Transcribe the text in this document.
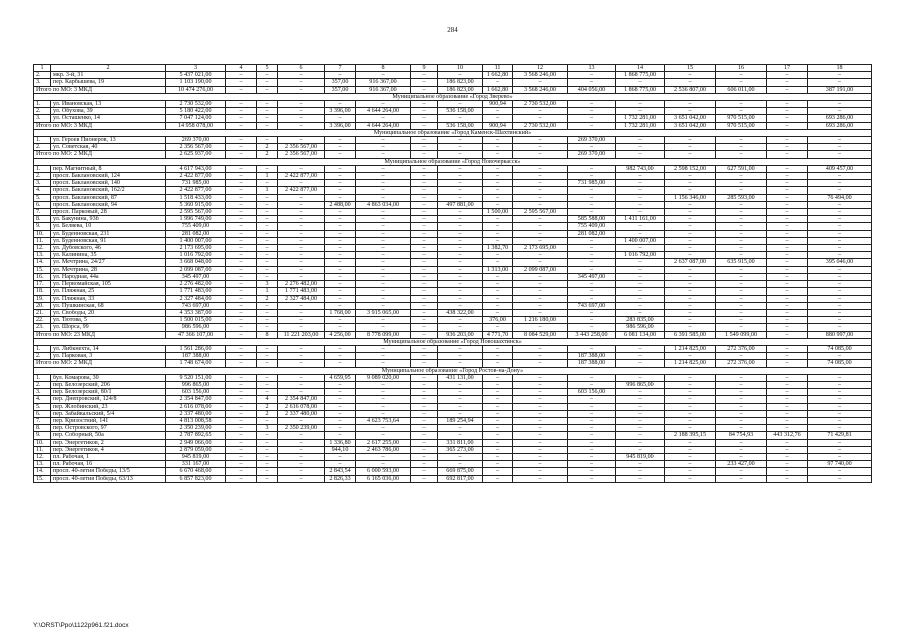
284
1	2	3	4	5	6	7	8	9	10	11	12	13	14	15	16	17	18
2.	мкр. 3-й, 31	5 437 021,00	–	–	–	–	–	–	–	1 662,80	3 568 246,00	–	1 868 775,00	–	–	–	–
3.	пер. Карбышева, 19	1 103 190,00	–	–	–	357,00	916 367,00	–	186 823,00	–	–	–	–	–	–	–	–
Итого по МО: 3 МКД		10 474 276,00	–	–	–	357,00	916 367,00	–	186 823,00	1 662,80	3 568 246,00	404 056,00	1 868 775,00	2 536 807,00	606 011,00	–	387 191,00
Муниципальное образование «Город Зверево»																	
1.	ул. Ивановская, 13	2 730 532,00	–	–	–	–	–	–	–	900,94	2 730 532,00	–	–	–	–	–	–
2.	ул. Обухова, 39	5 180 422,00	–	–	–	3 396,00	4 644 264,00	–	536 158,00	–	–	–	–	–	–	–	–
3.	ул. Осташенко, 14	7 047 124,00	–	–	–	–	–	–	–	–	–	–	1 732 281,00	3 651 042,00	970 515,00	–	693 286,00
Итого по МО: 3 МКД		14 958 078,00	–	–	–	3 396,00	4 644 264,00	–	536 158,00	900,94	2 730 532,00	–	1 732 281,00	3 651 042,00	970 515,00	–	693 286,00
Муниципальное образование «Город Каменск-Шахтинский»																	
1.	ул. Героев Пионеров, 13	269 370,00	–	–	–	–	–	–	–	–	–	269 370,00	–	–	–	–	–
2.	ул. Советская, 40	2 356 567,00	–	2	2 356 567,00	–	–	–	–	–	–	–	–	–	–	–	–
Итого по МО: 2 МКД		2 625 937,00	–	2	2 356 567,00	–	–	–	–	–	–	269 370,00	–	–	–	–	–
Муниципальное образование «Город Новочеркасск»																	
1.	пер. Магнитный, 8	4 617 943,00	–	–	–	–	–	–	–	–	–	–	982 743,00	2 598 152,00	627 591,00	–	409 457,00
2.	просп. Баклановский, 124	2 422 877,00	–	1	2 422 877,00	–	–	–	–	–	–	–	–	–	–	–	–
3.	просп. Баклановский, 140	731 985,00	–	–	–	–	–	–	–	–	–	731 985,00	–	–	–	–	–
4.	просп. Баклановский, 162/2	2 422 877,00	–	1	2 422 877,00	–	–	–	–	–	–	–	–	–	–	–	–
5.	просп. Баклановский, 87	1 518 433,00	–	–	–	–	–	–	–	–	–	–	–	1 156 346,00	285 593,00	–	76 494,00
6.	просп. Баклановский, 94	5 360 915,00	–	–	–	2 488,00	4 863 034,00	–	497 881,00	–	–	–	–	–	–	–	–
7.	просп. Парковый, 28	2 595 567,00	–	–	–	–	–	–	–	1 500,00	2 595 567,00	–	–	–	–	–	–
8.	ул. Бакунина, 93б	1 996 749,00	–	–	–	–	–	–	–	–	–	585 588,00	1 411 161,00	–	–	–	–
9.	ул. Беляева, 10	755 409,00	–	–	–	–	–	–	–	–	–	755 409,00	–	–	–	–	–
10.	ул. Буденновская, 231	281 082,00	–	–	–	–	–	–	–	–	–	281 082,00	–	–	–	–	–
11.	ул. Буденновская, 91	1 400 007,00	–	–	–	–	–	–	–	–	–	–	1 400 007,00	–	–	–	–
12.	ул. Дубовского, 46	2 173 695,00	–	–	–	–	–	–	–	1 382,70	2 173 695,00	–	–	–	–	–	–
13.	ул. Калинина, 35	1 016 792,00	–	–	–	–	–	–	–	–	–	–	1 016 792,00	–	–	–	–
14.	ул. Мечтрина, 24/27	3 668 048,00	–	–	–	–	–	–	–	–	–	–	–	2 637 087,00	635 915,00	–	395 046,00
15.	ул. Мечтрина, 28	2 099 087,00	–	–	–	–	–	–	–	1 313,00	2 099 087,00	–	–	–	–	–	–
16.	ул. Народная, 44а	345 497,00	–	–	–	–	–	–	–	–	–	345 497,00	–	–	–	–	–
17.	ул. Первомайская, 105	2 276 482,00	–	3	2 276 482,00	–	–	–	–	–	–	–	–	–	–	–	–
18.	ул. Пляжная, 25	1 771 483,00	–	1	1 771 483,00	–	–	–	–	–	–	–	–	–	–	–	–
19.	ул. Пляжная, 33	2 327 484,00	–	2	2 327 484,00	–	–	–	–	–	–	–	–	–	–	–	–
20.	ул. Пушкинская, 68	743 697,00	–	–	–	–	–	–	–	–	–	743 697,00	–	–	–	–	–
21.	ул. Свободы, 20	4 353 387,00	–	–	–	1 768,00	3 915 065,00	–	438 322,00	–	–	–	–	–	–	–	–
22.	ул. Тютова, 5	1 500 015,00	–	–	–	–	–	–	–	376,00	1 216 180,00	–	283 835,00	–	–	–	–
23.	ул. Шорса, 99	986 596,00	–	–	–	–	–	–	–	–	–	–	986 596,00	–	–	–	–
Итого по МО: 23 МКД		47 366 107,00	–	8	11 221 203,00	4 256,00	8 778 099,00	–	936 203,00	4 771,70	8 084 529,00	3 443 258,00	6 081 134,00	6 391 585,00	1 549 099,00	–	880 997,00
Муниципальное образование «Город Новошахтинск»																	
1.	ул. Либкнехта, 14	1 561 286,00	–	–	–	–	–	–	–	–	–	–	–	1 214 825,00	272 376,00	–	74 085,00
2.	ул. Парковая, 3	187 388,00	–	–	–	–	–	–	–	–	–	187 388,00	–	–	–	–	–
Итого по МО: 2 МКД		1 748 674,00	–	–	–	–	–	–	–	–	–	187 388,00	–	1 214 825,00	272 376,00	–	74 085,00
Муниципальное образование «Город Ростов-на-Дону»																	
1.	бул. Комарова, 30	9 520 151,00	–	–	–	4 659,95	9 089 020,00	–	431 131,00	–	–	–	–	–	–	–	–
2.	пер. Белозерский, 206	996 865,00	–	–	–	–	–	–	–	–	–	–	996 865,00	–	–	–	–
3.	пер. Белозерский, 80/1	603 156,00	–	–	–	–	–	–	–	–	–	603 156,00	–	–	–	–	–
4.	пер. Днепровский, 124/8	2 354 847,00	–	4	2 354 847,00	–	–	–	–	–	–	–	–	–	–	–	–
5.	пер. Жлобинский, 23	2 616 078,00	–	2	2 616 078,00	–	–	–	–	–	–	–	–	–	–	–	–
6.	пер. Забайкальский, 5/4	2 337 480,00	–	2	2 337 480,00	–	–	–	–	–	–	–	–	–	–	–	–
7.	пер. Кризостний, 141	4 813 008,58	–	–	–	–	4 623 753,64	–	189 254,94	–	–	–	–	–	–	–	–
8.	пер. Островского, 97	2 350 239,00	–	3	2 350 239,00	–	–	–	–	–	–	–	–	–	–	–	–
9.	пер. Соборный, 50а	2 787 892,65	–	–	–	–	–	–	–	–	–	–	–	2 188 395,15	84 754,93	443 312,76	71 429,81
10.	пер. Энергетиков, 2	2 949 066,00	–	–	–	1 336,80	2 617 255,00	–	331 811,00	–	–	–	–	–	–	–	–
11.	пер. Энергетиков, 4	2 879 059,00	–	–	–	944,10	2 463 786,00	–	365 273,00	–	–	–	–	–	–	–	–
12.	пл. Рабочая, 1	945 819,00	–	–	–	–	–	–	–	–	–	–	945 819,00	–	–	–	–
13.	пл. Рабочая, 16	331 167,00	–	–	–	–	–	–	–	–	–	–	–	–	233 427,00	–	97 740,00
14.	просп. 40-летия Победы, 13/5	6 670 468,00	–	–	–	2 843,54	6 000 593,00	–	669 875,00	–	–	–	–	–	–	–	–
15.	просп. 40-летия Победы, 63/13	6 857 823,00	–	–	–	2 826,33	6 165 036,00	–	692 817,00	–	–	–	–	–	–	–	–
Y:\ORST\Ppo\1122p961.f21.docx
